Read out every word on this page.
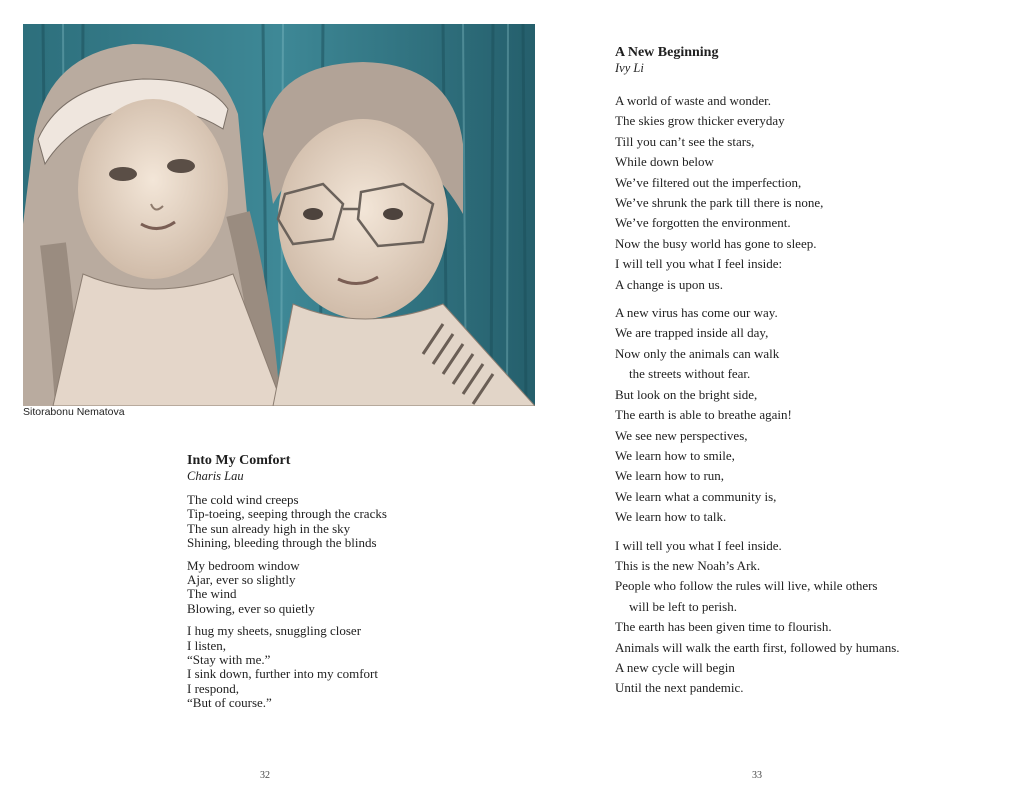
Sitorabonu Nematova
Into My Comfort

Charis Lau

The cold wind creeps
Tip-toeing, seeping through the cracks
The sun already high in the sky
Shining, bleeding through the blinds
My bedroom window
Ajar, ever so slightly
The wind
Blowing, ever so quietly
I hug my sheets, snuggling closer
I listen,
“Stay with me.”
I sink down, further into my comfort
I respond,
“But of course.”
32
A New Beginning

Ivy Li

A world of waste and wonder.
The skies grow thicker everyday
Till you can’t see the stars,
While down below
We’ve filtered out the imperfection,
We’ve shrunk the park till there is none,
We’ve forgotten the environment.
Now the busy world has gone to sleep.
I will tell you what I feel inside:
A change is upon us.
A new virus has come our way.
We are trapped inside all day,
Now only the animals can walk
the streets without fear.
But look on the bright side,
The earth is able to breathe again!
We see new perspectives,
We learn how to smile,
We learn how to run,
We learn what a community is,
We learn how to talk.
I will tell you what I feel inside.
This is the new Noah’s Ark.
People who follow the rules will live, while others
will be left to perish.
The earth has been given time to flourish.
Animals will walk the earth first, followed by humans.
A new cycle will begin
Until the next pandemic.
33
